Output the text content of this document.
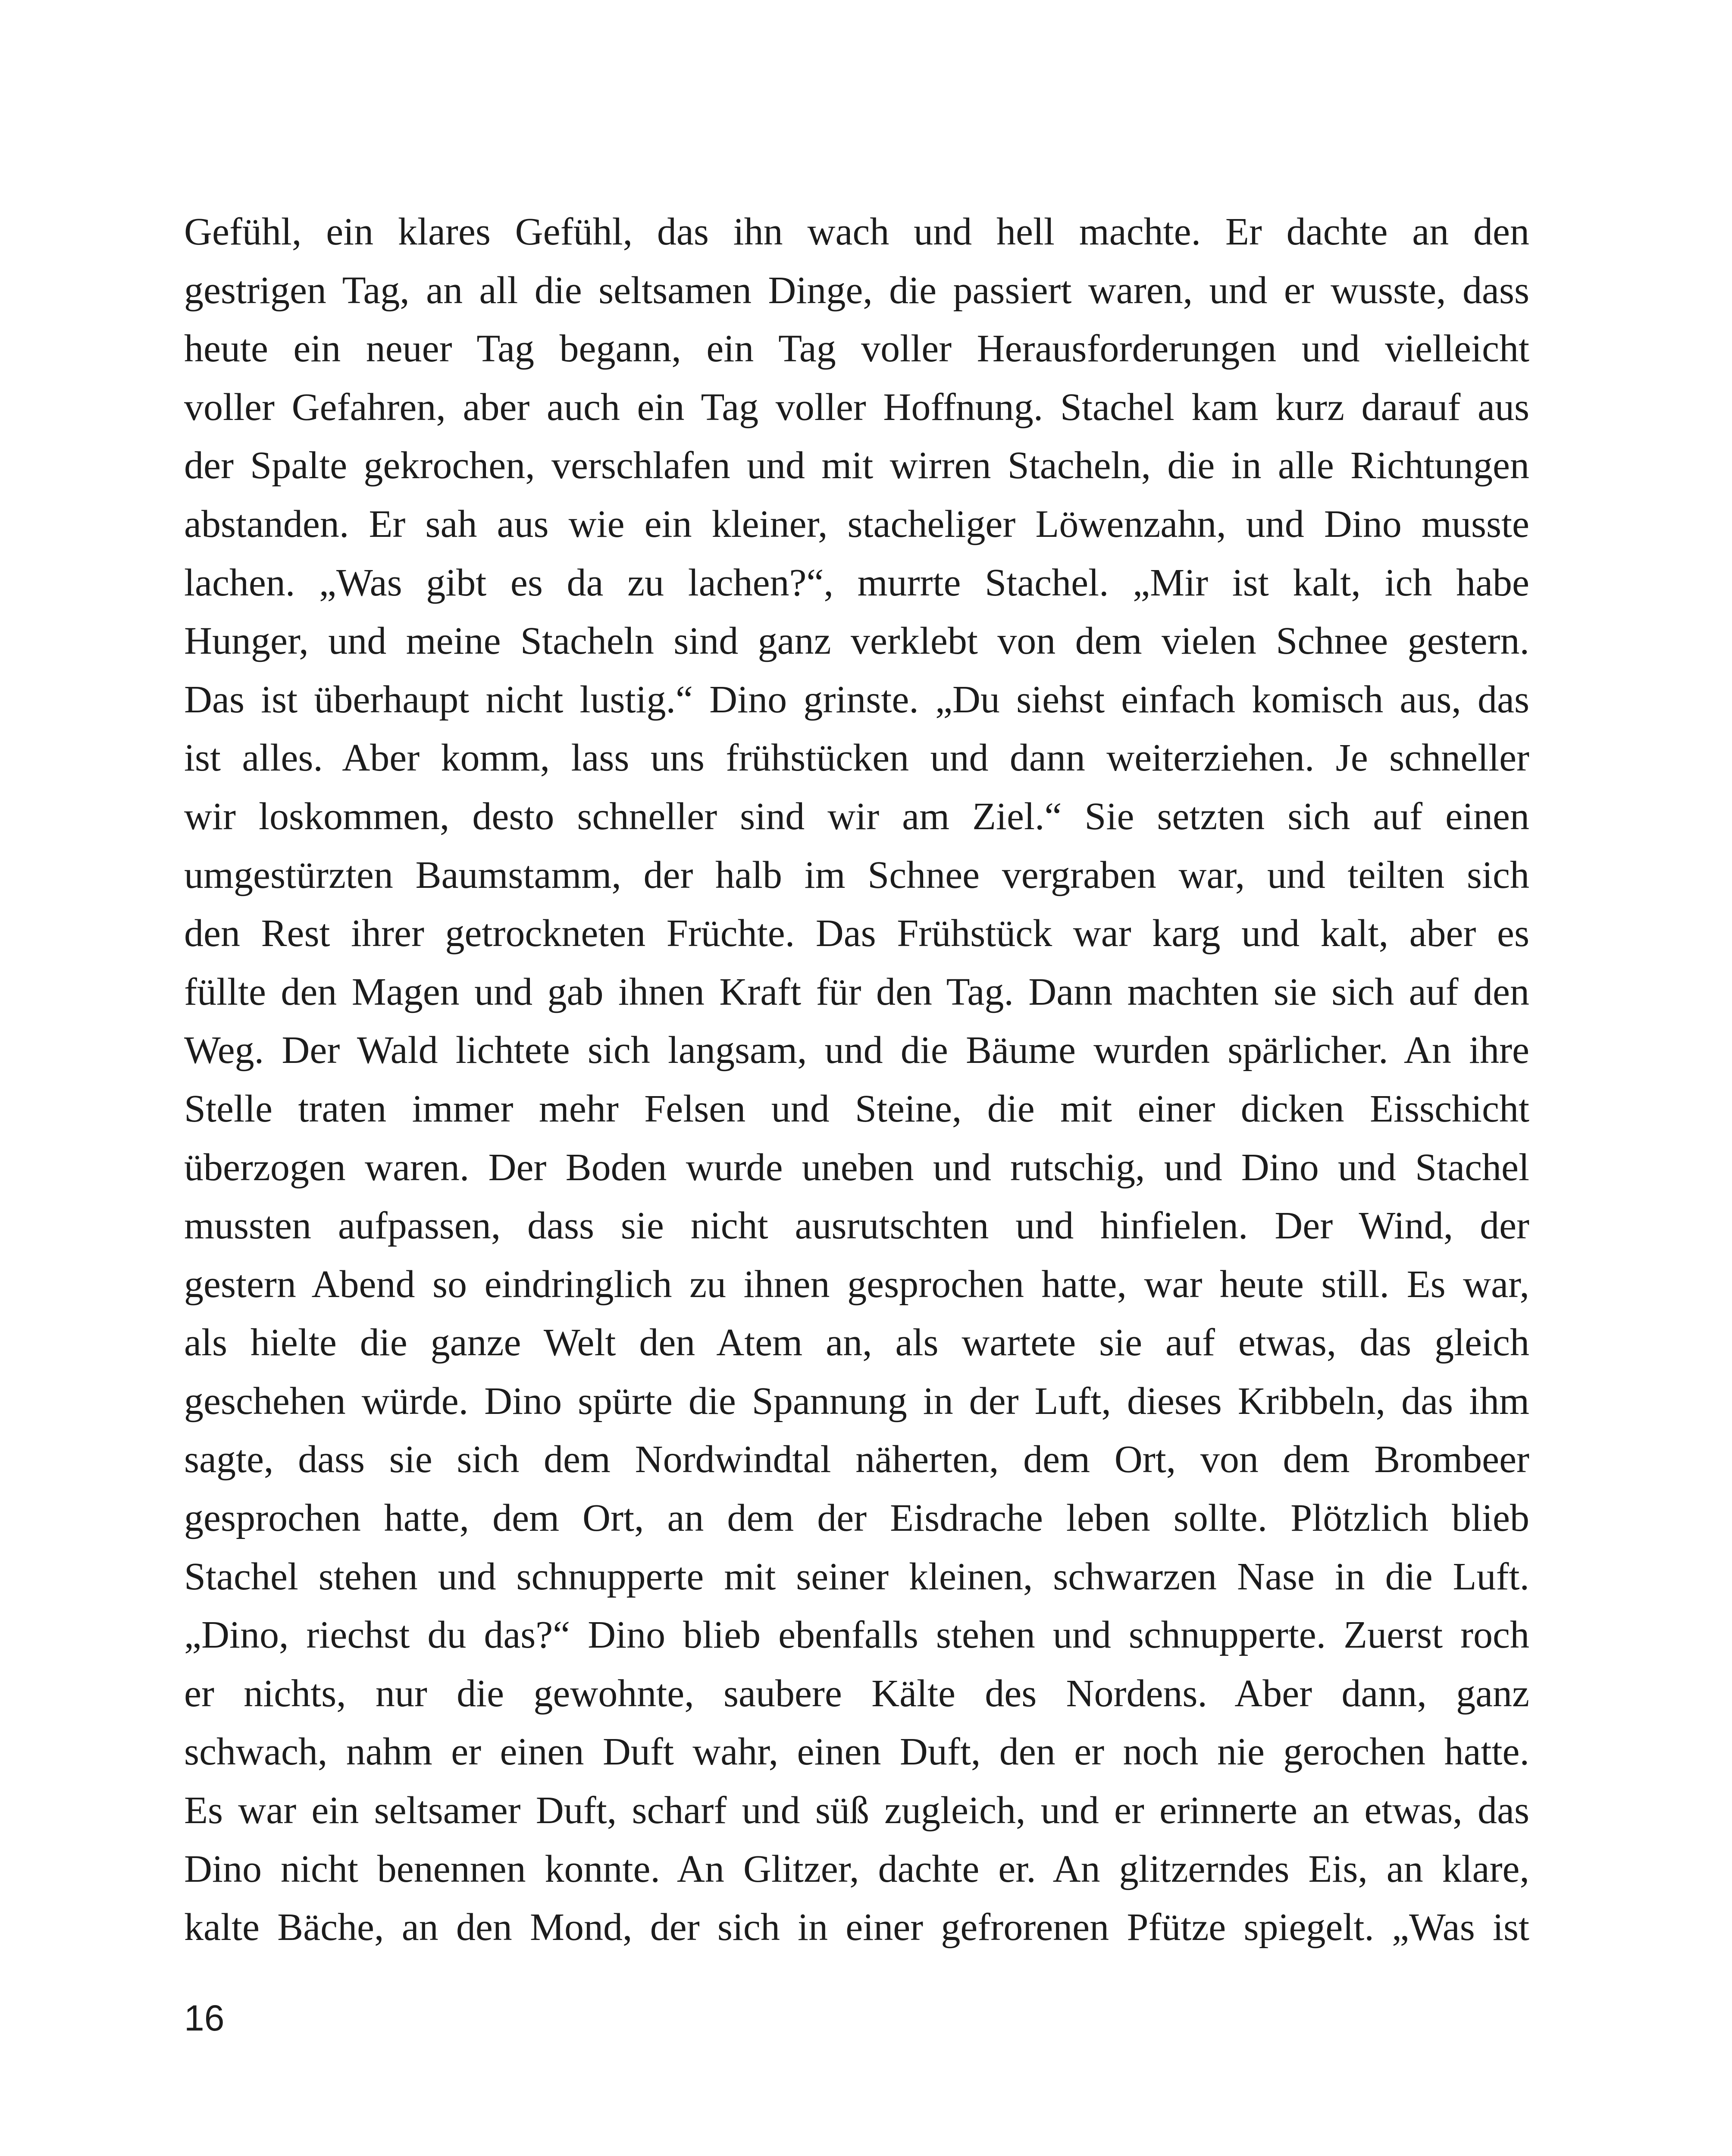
Gefühl, ein klares Gefühl, das ihn wach und hell machte. Er dachte an den
gestrigen Tag, an all die seltsamen Dinge, die passiert waren, und er wusste, dass
heute ein neuer Tag begann, ein Tag voller Herausforderungen und vielleicht
voller Gefahren, aber auch ein Tag voller Hoffnung. Stachel kam kurz darauf aus
der Spalte gekrochen, verschlafen und mit wirren Stacheln, die in alle Richtungen
abstanden. Er sah aus wie ein kleiner, stacheliger Löwenzahn, und Dino musste
lachen. „Was gibt es da zu lachen?“, murrte Stachel. „Mir ist kalt, ich habe
Hunger, und meine Stacheln sind ganz verklebt von dem vielen Schnee gestern.
Das ist überhaupt nicht lustig.“ Dino grinste. „Du siehst einfach komisch aus, das
ist alles. Aber komm, lass uns frühstücken und dann weiterziehen. Je schneller
wir loskommen, desto schneller sind wir am Ziel.“ Sie setzten sich auf einen
umgestürzten Baumstamm, der halb im Schnee vergraben war, und teilten sich
den Rest ihrer getrockneten Früchte. Das Frühstück war karg und kalt, aber es
füllte den Magen und gab ihnen Kraft für den Tag. Dann machten sie sich auf den
Weg. Der Wald lichtete sich langsam, und die Bäume wurden spärlicher. An ihre
Stelle traten immer mehr Felsen und Steine, die mit einer dicken Eisschicht
überzogen waren. Der Boden wurde uneben und rutschig, und Dino und Stachel
mussten aufpassen, dass sie nicht ausrutschten und hinfielen. Der Wind, der
gestern Abend so eindringlich zu ihnen gesprochen hatte, war heute still. Es war,
als hielte die ganze Welt den Atem an, als wartete sie auf etwas, das gleich
geschehen würde. Dino spürte die Spannung in der Luft, dieses Kribbeln, das ihm
sagte, dass sie sich dem Nordwindtal näherten, dem Ort, von dem Brombeer
gesprochen hatte, dem Ort, an dem der Eisdrache leben sollte. Plötzlich blieb
Stachel stehen und schnupperte mit seiner kleinen, schwarzen Nase in die Luft.
„Dino, riechst du das?“ Dino blieb ebenfalls stehen und schnupperte. Zuerst roch
er nichts, nur die gewohnte, saubere Kälte des Nordens. Aber dann, ganz
schwach, nahm er einen Duft wahr, einen Duft, den er noch nie gerochen hatte.
Es war ein seltsamer Duft, scharf und süß zugleich, und er erinnerte an etwas, das
Dino nicht benennen konnte. An Glitzer, dachte er. An glitzerndes Eis, an klare,
kalte Bäche, an den Mond, der sich in einer gefrorenen Pfütze spiegelt. „Was ist
16
